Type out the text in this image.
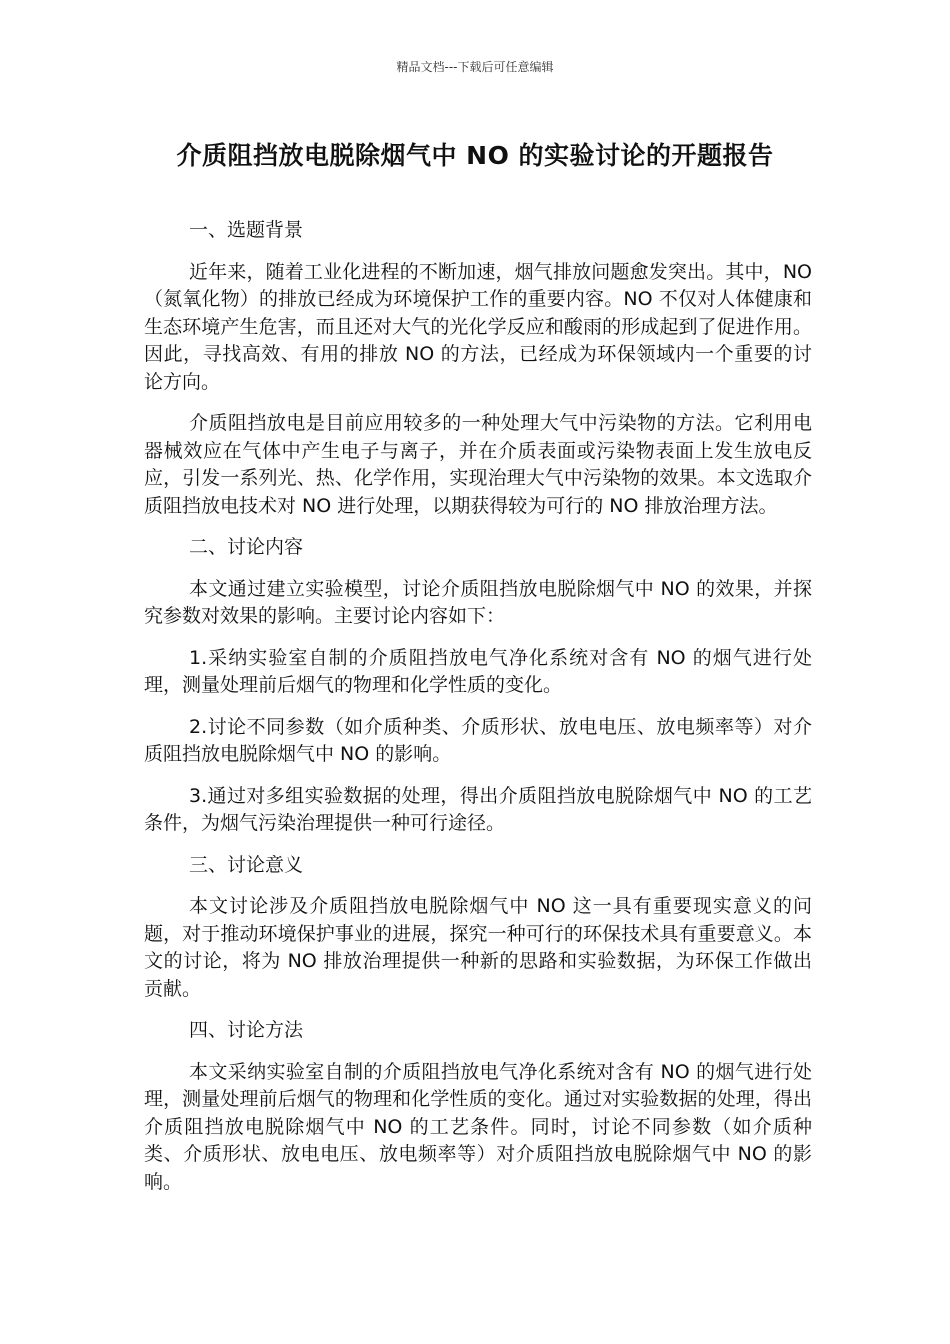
精品文档---下载后可任意编辑
介质阻挡放电脱除烟气中 NO 的实验讨论的开题报告

一、选题背景

近年来，随着工业化进程的不断加速，烟气排放问题愈发突出。其中，NO（氮氧化物）的排放已经成为环境保护工作的重要内容。NO 不仅对人体健康和生态环境产生危害，而且还对大气的光化学反应和酸雨的形成起到了促进作用。因此，寻找高效、有用的排放 NO 的方法，已经成为环保领域内一个重要的讨论方向。

介质阻挡放电是目前应用较多的一种处理大气中污染物的方法。它利用电器械效应在气体中产生电子与离子，并在介质表面或污染物表面上发生放电反应，引发一系列光、热、化学作用，实现治理大气中污染物的效果。本文选取介质阻挡放电技术对 NO 进行处理，以期获得较为可行的 NO 排放治理方法。

二、讨论内容

本文通过建立实验模型，讨论介质阻挡放电脱除烟气中 NO 的效果，并探究参数对效果的影响。主要讨论内容如下：

1.采纳实验室自制的介质阻挡放电气净化系统对含有 NO 的烟气进行处理，测量处理前后烟气的物理和化学性质的变化。

2.讨论不同参数（如介质种类、介质形状、放电电压、放电频率等）对介质阻挡放电脱除烟气中 NO 的影响。

3.通过对多组实验数据的处理，得出介质阻挡放电脱除烟气中 NO 的工艺条件，为烟气污染治理提供一种可行途径。

三、讨论意义

本文讨论涉及介质阻挡放电脱除烟气中 NO 这一具有重要现实意义的问题，对于推动环境保护事业的进展，探究一种可行的环保技术具有重要意义。本文的讨论，将为 NO 排放治理提供一种新的思路和实验数据，为环保工作做出贡献。

四、讨论方法

本文采纳实验室自制的介质阻挡放电气净化系统对含有 NO 的烟气进行处理，测量处理前后烟气的物理和化学性质的变化。通过对实验数据的处理，得出介质阻挡放电脱除烟气中 NO 的工艺条件。同时，讨论不同参数（如介质种类、介质形状、放电电压、放电频率等）对介质阻挡放电脱除烟气中 NO 的影响。
